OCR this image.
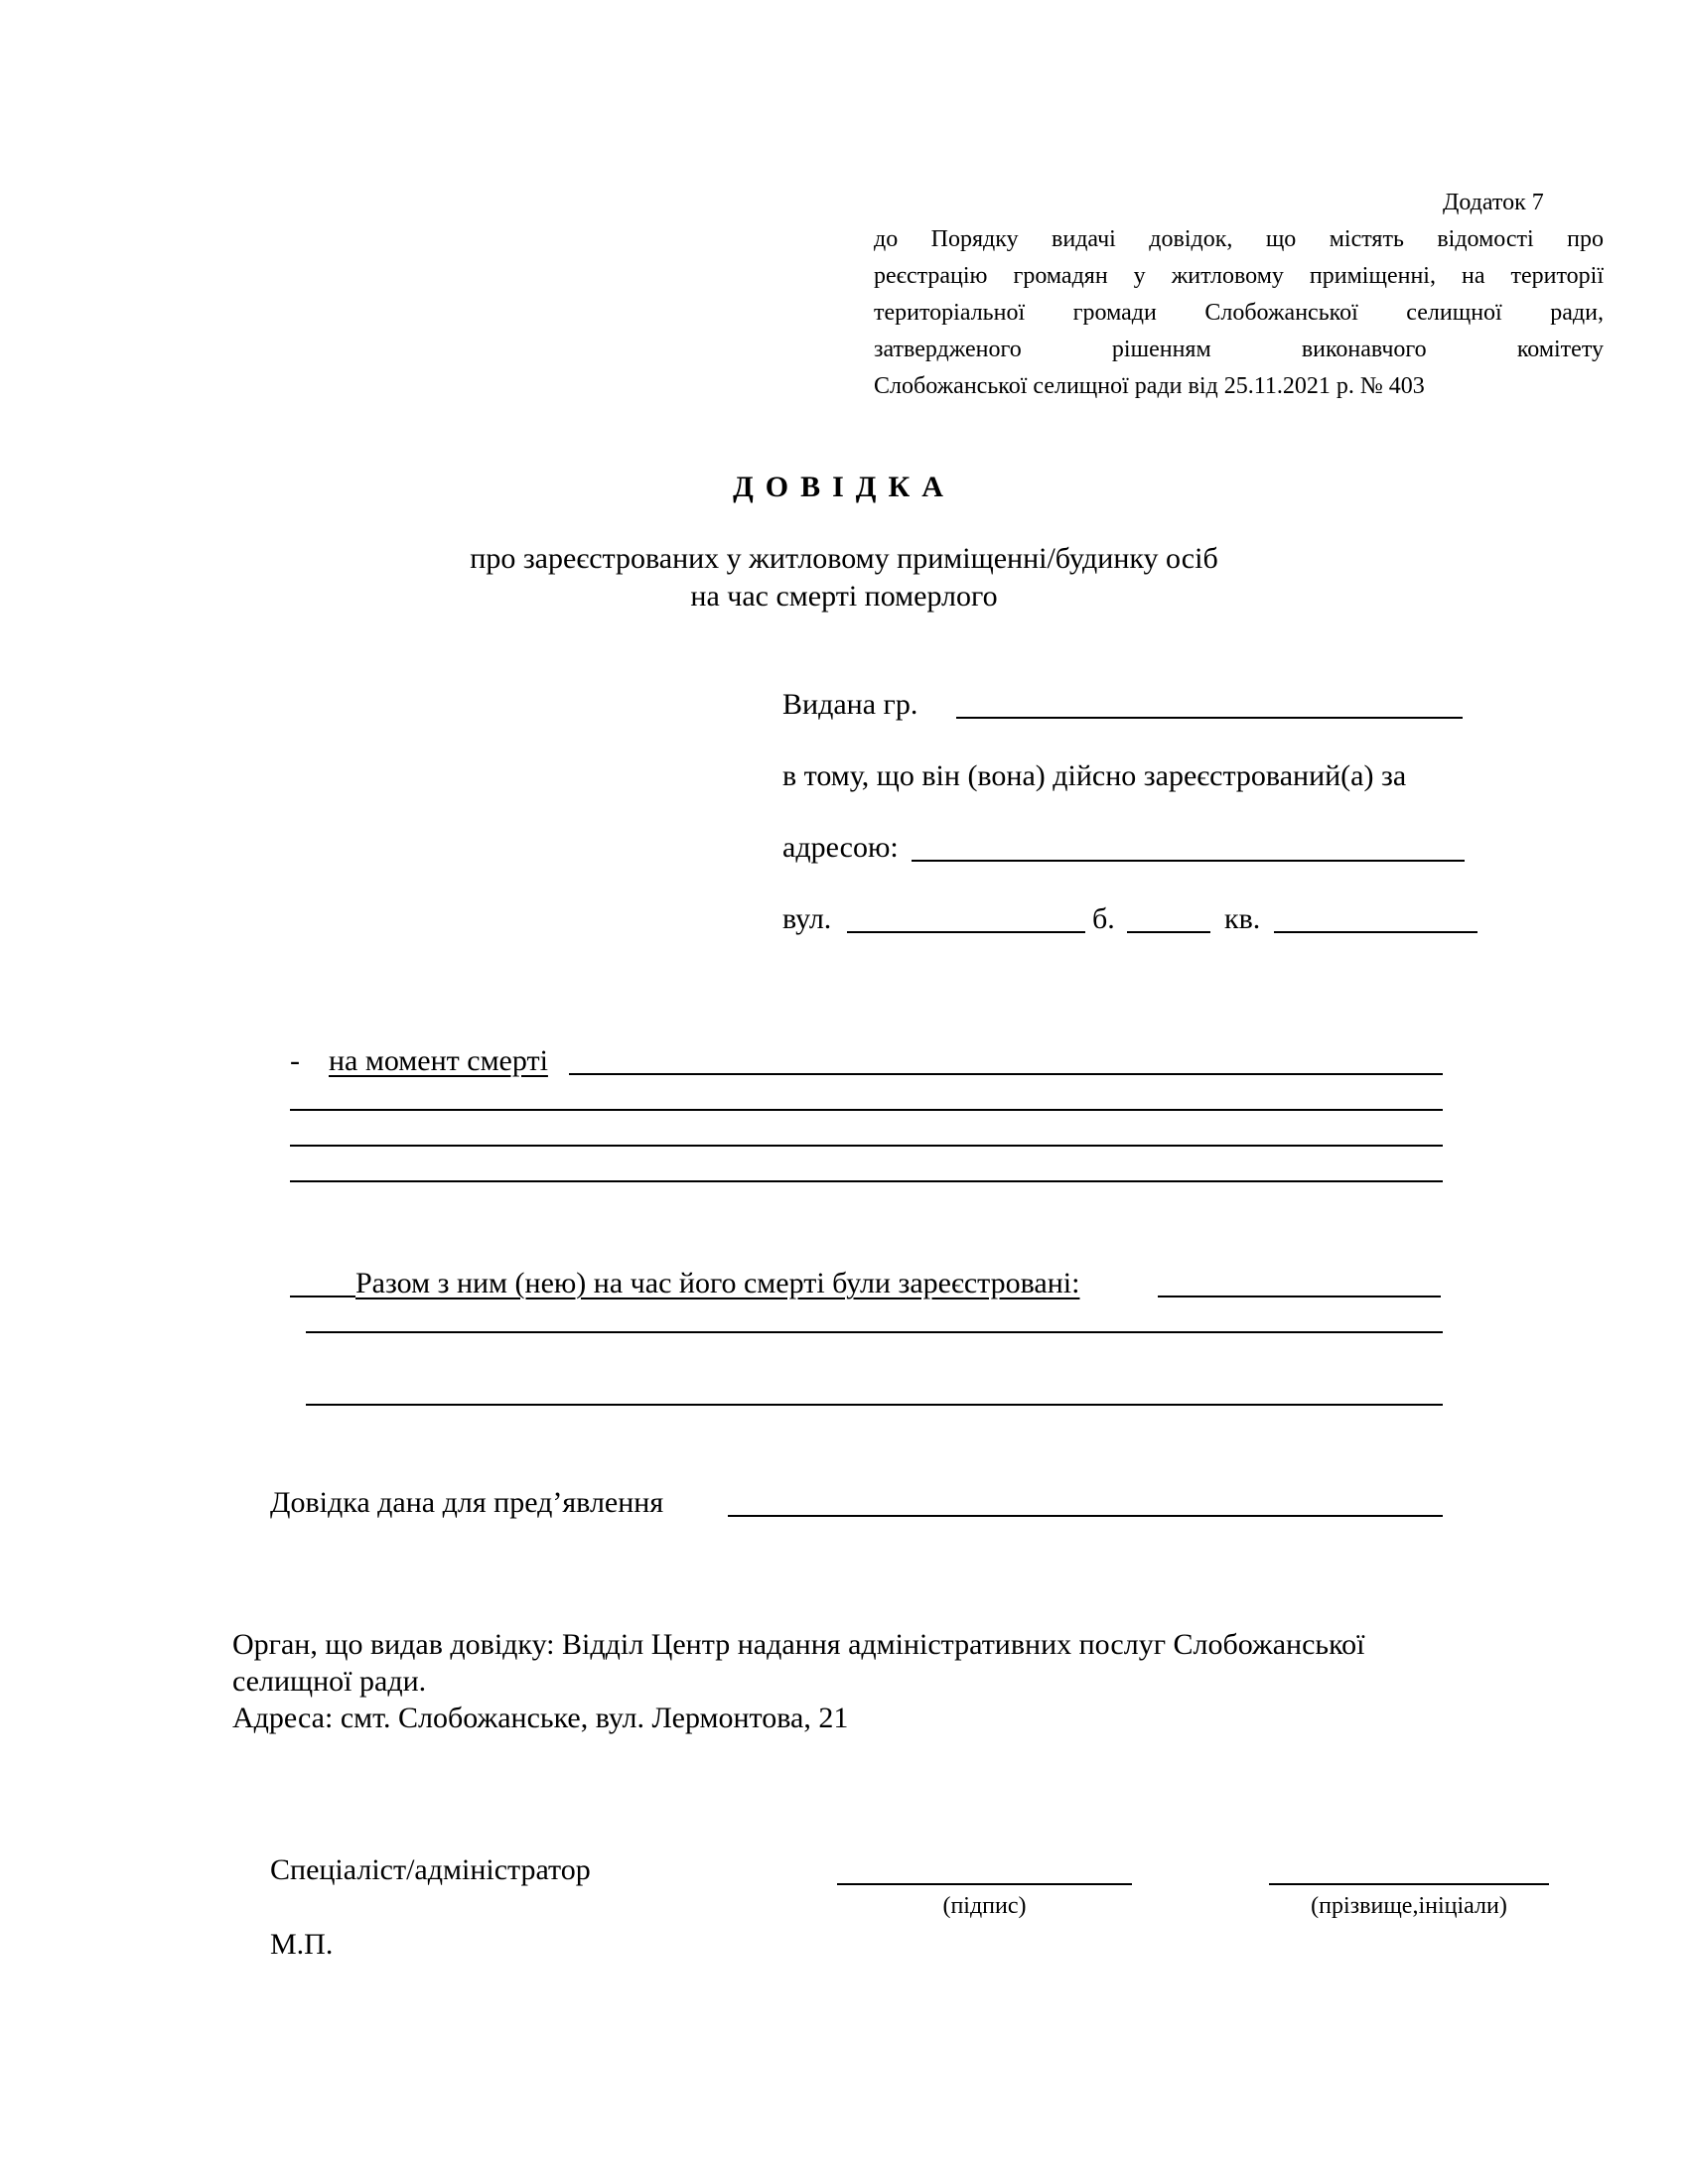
Додаток 7
до Порядку видачі довідок, що містять відомості про
реєстрацію громадян у житловому приміщенні, на території
територіальної громади Слобожанської селищної ради,
затвердженого рішенням виконавчого комітету
Слобожанської селищної ради від 25.11.2021 р. № 403
ДОВІДКА
про зареєстрованих у житловому приміщенні/будинку осіб
на час смерті померлого
Видана гр.
в тому, що він (вона) дійсно зареєстрований(а) за
адресою:
вул.	б.	кв.
- на момент смерті
Разом з ним (нею) на час його смерті були зареєстровані:
Довідка дана для пред’явлення
Орган, що видав довідку: Відділ Центр надання адміністративних послуг Слобожанської
селищної ради.
Адреса: смт. Слобожанське, вул. Лермонтова, 21
Спеціаліст/адміністратор
(підпис)	(прізвище,ініціали)
М.П.
